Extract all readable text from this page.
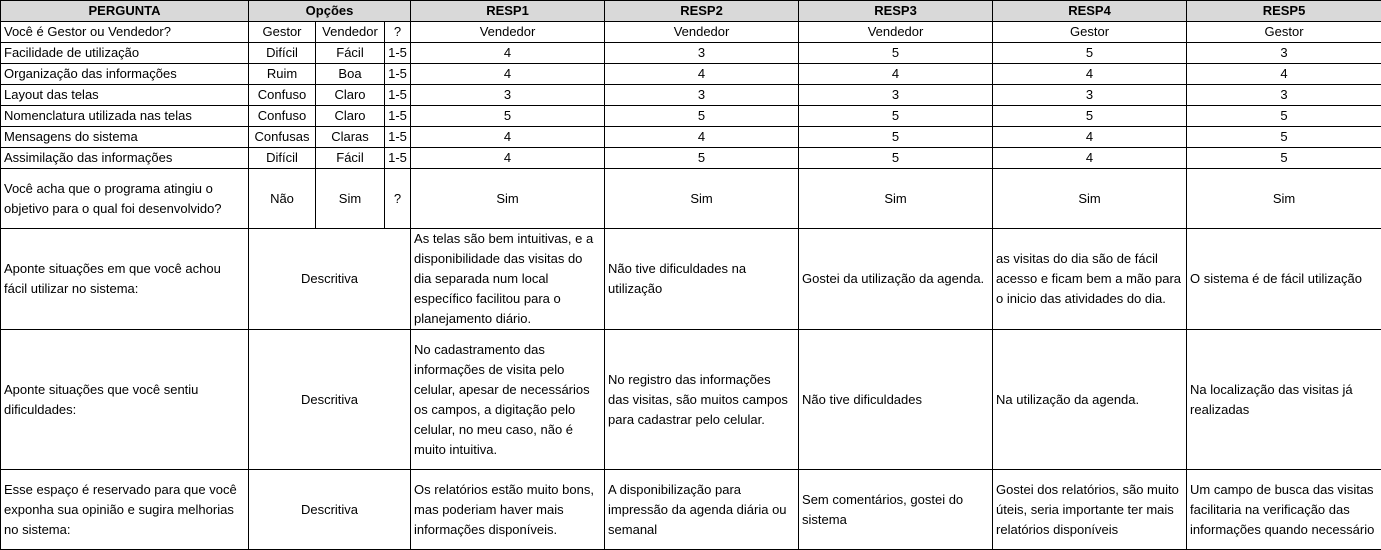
PERGUNTA	Opções			RESP1	RESP2	RESP3	RESP4	RESP5
Você é Gestor ou Vendedor?	Gestor	Vendedor	?	Vendedor	Vendedor	Vendedor	Gestor	Gestor
Facilidade de utilização	Difícil	Fácil	1-5	4	3	5	5	3
Organização das informações	Ruim	Boa	1-5	4	4	4	4	4
Layout das telas	Confuso	Claro	1-5	3	3	3	3	3
Nomenclatura utilizada nas telas	Confuso	Claro	1-5	5	5	5	5	5
Mensagens do sistema	Confusas	Claras	1-5	4	4	5	4	5
Assimilação das informações	Difícil	Fácil	1-5	4	5	5	4	5
Você acha que o programa atingiu o objetivo para o qual foi desenvolvido?	Não	Sim	?	Sim	Sim	Sim	Sim	Sim
Aponte situações em que você achou fácil utilizar no sistema:	Descritiva			As telas são bem intuitivas, e a disponibilidade das visitas do dia separada num local específico facilitou para o planejamento diário.	Não tive dificuldades na utilização	Gostei da utilização da agenda.	as visitas do dia são de fácil acesso e ficam bem a mão para o inicio das atividades do dia.	O sistema é de fácil utilização
Aponte situações que você sentiu dificuldades:	Descritiva			No cadastramento das informações de visita pelo celular, apesar de necessários os campos, a digitação pelo celular, no meu caso, não é muito intuitiva.	No registro das informações das visitas, são muitos campos para cadastrar pelo celular.	Não tive dificuldades	Na utilização da agenda.	Na localização das visitas já realizadas
Esse espaço é reservado para que você exponha sua opinião e sugira melhorias no sistema:	Descritiva			Os relatórios estão muito bons, mas poderiam haver mais informações disponíveis.	A disponibilização para impressão da agenda diária ou semanal	Sem comentários, gostei do sistema	Gostei dos relatórios, são muito úteis, seria importante ter mais relatórios disponíveis	Um campo de busca das visitas facilitaria na verificação das informações quando necessário
